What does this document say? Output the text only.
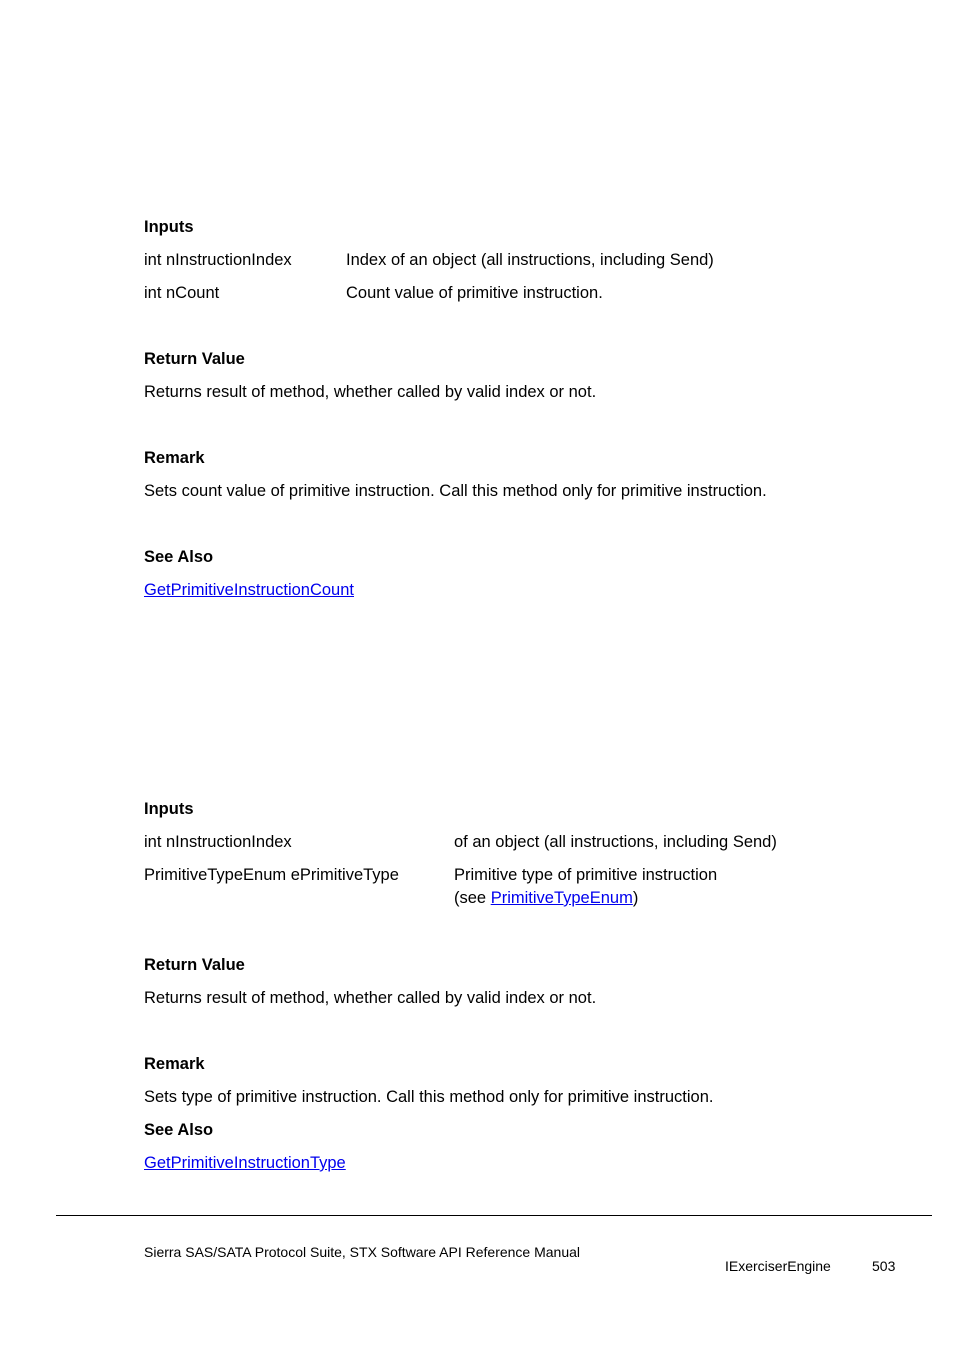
Inputs
int nInstructionIndex	Index of an object (all instructions, including Send)
int nCount	Count value of primitive instruction.
Return Value
Returns result of method, whether called by valid index or not.
Remark
Sets count value of primitive instruction. Call this method only for primitive instruction.
See Also
GetPrimitiveInstructionCount
Inputs
int nInstructionIndex	of an object (all instructions, including Send)
PrimitiveTypeEnum ePrimitiveType	Primitive type of primitive instruction
(see PrimitiveTypeEnum)
Return Value
Returns result of method, whether called by valid index or not.
Remark
Sets type of primitive instruction. Call this method only for primitive instruction.
See Also
GetPrimitiveInstructionType
Sierra SAS/SATA Protocol Suite, STX Software API Reference Manual
IExerciserEngine	503
